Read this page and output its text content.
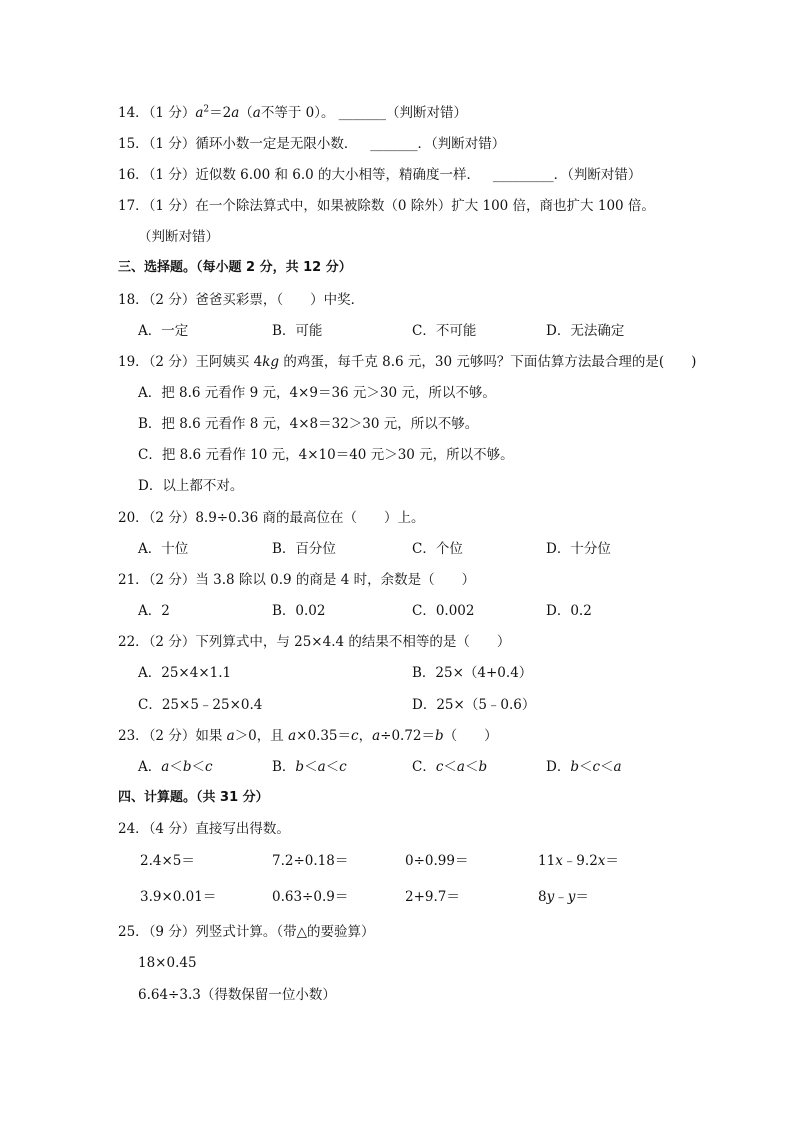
14．（1 分）$a^2=2a(a$不等于 0）。 _______（判断对错）
15．（1 分）循环小数一定是无限小数． _______．（判断对错）
16．（1 分）近似数 6.00 和 6.0 的大小相等，精确度一样． _________．（判断对错）
17．（1 分）在一个除法算式中，如果被除数（0 除外）扩大 100 倍，商也扩大 100 倍。
（判断对错）
三、选择题。（每小题 2 分，共 12 分）
18．（2 分）爸爸买彩票，（　　）中奖．
A．一定	B．可能	C．不可能	D．无法确定
19．（2 分）王阿姨买 4kg 的鸡蛋，每千克 8.6 元，30 元够吗？下面估算方法最合理的是(　　)
A．把 8.6 元看作 9 元，4×9＝36 元＞30 元，所以不够。
B．把 8.6 元看作 8 元，4×8＝32＞30 元，所以不够。
C．把 8.6 元看作 10 元，4×10＝40 元＞30 元，所以不够。
D．以上都不对。
20．（2 分）8.9÷0.36 商的最高位在（　　）上。
A．十位	B．百分位	C．个位	D．十分位
21．（2 分）当 3.8 除以 0.9 的商是 4 时，余数是（　　）
A．2	B．0.02	C．0.002	D．0.2
22．（2 分）下列算式中，与 25×4.4 的结果不相等的是（　　）
A．25×4×1.1	B．25×（4+0.4）
C．25×5﹣25×0.4	D．25×（5﹣0.6）
23．（2 分）如果 a＞0，且 a×0.35＝c，a÷0.72＝b（　　）
A．a＜b＜c	B．b＜a＜c	C．c＜a＜b	D．b＜c＜a
四、计算题。（共 31 分）
24．（4 分）直接写出得数。
2.4×5＝	7.2÷0.18＝	0÷0.99＝	11x﹣9.2x＝
3.9×0.01＝	0.63÷0.9＝	2+9.7＝	8y﹣y＝
25．（9 分）列竖式计算。（带△的要验算）
18×0.45
6.64÷3.3（得数保留一位小数）
